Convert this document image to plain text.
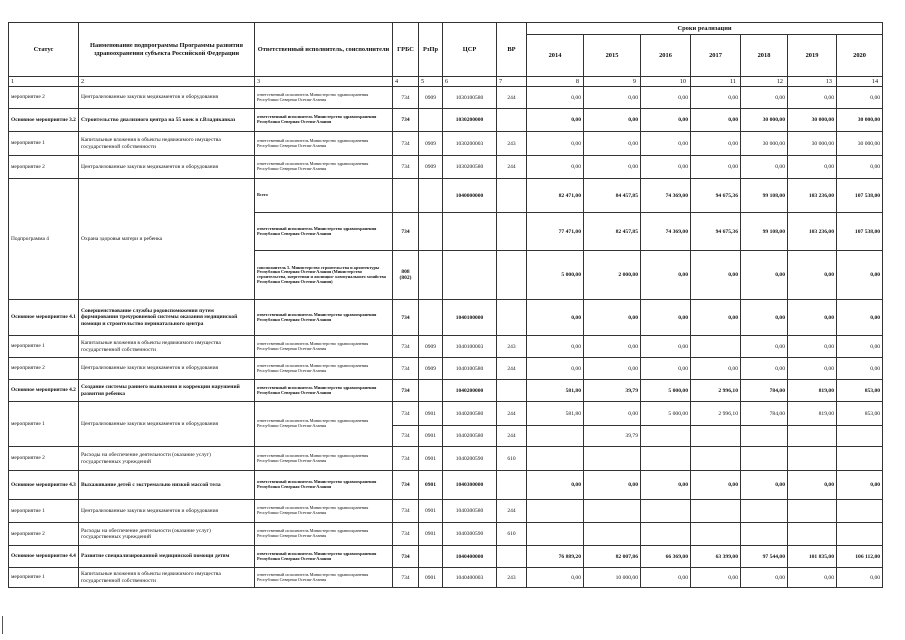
Статус	Наименование подпрограммы Программы развития здравоохранения субъекта Российской Федерации	Ответственный исполнитель, соисполнители	ГРБС	РзПр	ЦСР	ВР	Сроки реализации						
							2014	2015	2016	2017	2018	2019	2020
1	2	3	4	5	6	7	8	9	10	11	12	13	14
мероприятие 2	Централизованные закупки медикаментов и оборудования	ответственный исполнитель Министерство здравоохранения Республики Северная Осетия-Алания	734	0909	1030100580	244	0,00	0,00	0,00	0,00	0,00	0,00	0,00
Основное мероприятие 3.2	Строительство диализного центра на 55 коек в г.Владикавказ	ответственный исполнитель Министерство здравоохранения Республики Северная Осетия-Алания	734		1030200000		0,00	0,00	0,00	0,00	30 000,00	30 000,00	30 000,00
мероприятие 1	Капитальные вложения в объекты недвижимого имущества государственной собственности	ответственный исполнитель Министерство здравоохранения Республики Северная Осетия-Алания	734	0909	1030200003	243	0,00	0,00	0,00	0,00	30 000,00	30 000,00	30 000,00
мероприятие 2	Централизованные закупки медикаментов и оборудования	ответственный исполнитель Министерство здравоохранения Республики Северная Осетия-Алания	734	0909	1030200580	244	0,00	0,00	0,00	0,00	0,00	0,00	0,00
Подпрограмма 4	Охрана здоровья матери и ребенка	Всего			1040000000		82 471,00	84 457,85	74 369,00	94 675,36	99 108,00	103 236,00	107 538,00
		ответственный исполнитель Министерство здравоохранения Республики Северная Осетия-Алания	734				77 471,00	82 457,85	74 369,00	94 675,36	99 108,00	103 236,00	107 538,00
		соисполнитель 5. Министерство строительства и архитектуры Республики Северная Осетия-Алания (Министерство строительства, энергетики и жилищно- коммунального хозяйства Республики Северная Осетия-Алания)	808 (802)				5 000,00	2 000,00	0,00	0,00	0,00	0,00	0,00
Основное мероприятие 4.1	Совершенствование службы родовспоможения путем формирования трехуровневой системы оказания медицинской помощи и строительство перинатального центра	ответственный исполнитель Министерство здравоохранения Республики Северная Осетия-Алания	734		1040100000		0,00	0,00	0,00	0,00	0,00	0,00	0,00
мероприятие 1	Капитальные вложения в объекты недвижимого имущества государственной собственности	ответственный исполнитель Министерство здравоохранения Республики Северная Осетия-Алания	734	0909	1040100003	243	0,00	0,00	0,00		0,00	0,00	0,00
мероприятие 2	Централизованные закупки медикаментов и оборудования	ответственный исполнитель Министерство здравоохранения Республики Северная Осетия-Алания	734	0909	1040100580	244	0,00	0,00	0,00	0,00	0,00	0,00	0,00
Основное мероприятие 4.2	Создание системы раннего выявления и коррекции нарушений развития ребенка	ответственный исполнитель Министерство здравоохранения Республики Северная Осетия-Алания	734		1040200000		581,80	39,79	5 000,00	2 996,10	784,00	819,00	853,00
мероприятие 1	Централизованные закупки медикаментов и оборудования	ответственный исполнитель Министерство здравоохранения Республики Северная Осетия-Алания	734	0901	1040200580	244	581,80	0,00	5 000,00	2 996,10	784,00	819,00	853,00
			734	0901	1040200580	244		39,79					
мероприятие 2	Расходы на обеспечение деятельности (оказание услуг) государственных учреждений	ответственный исполнитель Министерство здравоохранения Республики Северная Осетия-Алания	734	0901	1040200590	610							
Основное мероприятие 4.3	Выхаживание детей с экстремально низкой массой тела	ответственный исполнитель Министерство здравоохранения Республики Северная Осетия-Алания	734	0901	1040300000		0,00	0,00	0,00	0,00	0,00	0,00	0,00
мероприятие 1	Централизованные закупки медикаментов и оборудования	ответственный исполнитель Министерство здравоохранения Республики Северная Осетия-Алания	734	0901	1040300580	244							
мероприятие 2	Расходы на обеспечение деятельности (оказание услуг) государственных учреждений	ответственный исполнитель Министерство здравоохранения Республики Северная Осетия-Алания	734	0901	1040300590	610							
Основное мероприятие 4.4	Развитие специализированной медицинской помощи детям	ответственный исполнитель Министерство здравоохранения Республики Северная Осетия-Алания	734		1040400000		76 889,20	82 007,86	66 369,00	63 399,00	97 544,00	101 835,00	106 112,00
мероприятие 1	Капитальные вложения в объекты недвижимого имущества государственной собственности	ответственный исполнитель Министерство здравоохранения Республики Северная Осетия-Алания	734	0901	1040400003	243	0,00	10 000,00	0,00	0,00	0,00	0,00	0,00
